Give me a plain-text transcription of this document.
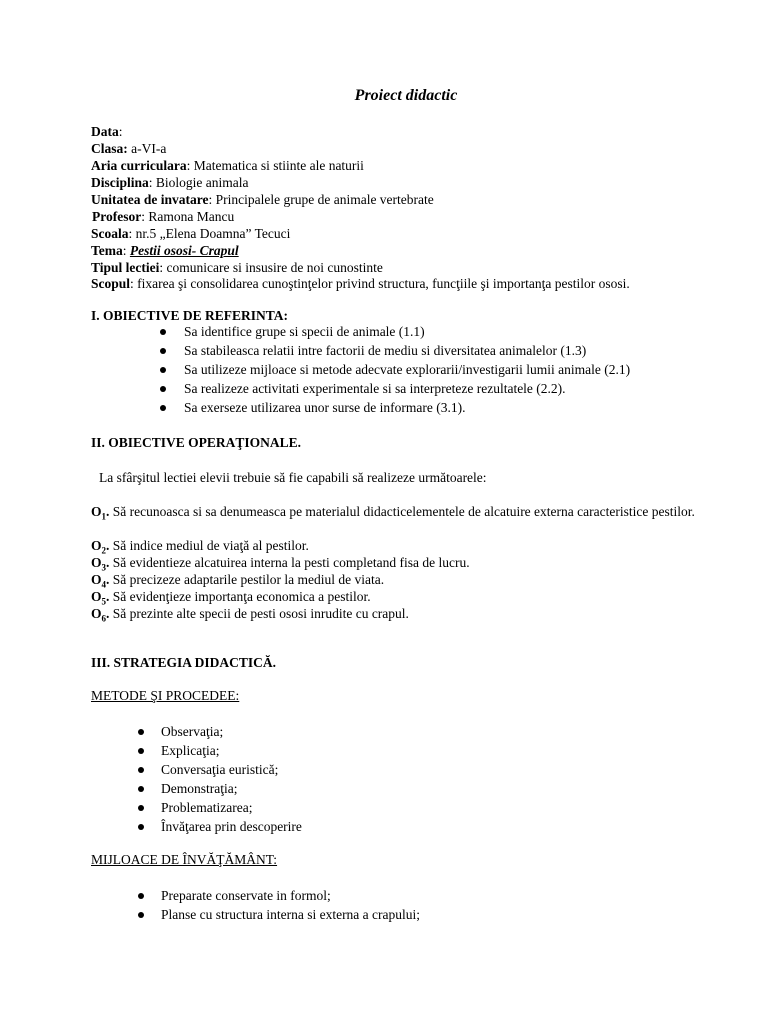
Proiect didactic
Data:
Clasa: a-VI-a
Aria curriculara: Matematica si stiinte ale naturii
Disciplina: Biologie animala
Unitatea de invatare: Principalele grupe de animale vertebrate
Profesor: Ramona Mancu
Scoala: nr.5 „Elena Doamna” Tecuci
Tema: Pestii ososi- Crapul
Tipul lectiei: comunicare si insusire de noi cunostinte
Scopul: fixarea şi consolidarea cunoştinţelor privind structura, funcţiile şi importanţa pestilor ososi.
I. OBIECTIVE DE REFERINTA:
Sa identifice grupe si specii de animale (1.1)
Sa stabileasca relatii intre factorii de mediu si diversitatea animalelor (1.3)
Sa utilizeze mijloace si metode adecvate explorarii/investigarii lumii animale (2.1)
Sa realizeze activitati experimentale si sa interpreteze rezultatele (2.2).
Sa exerseze utilizarea unor surse de informare (3.1).
II. OBIECTIVE OPERAŢIONALE.
La sfârşitul lectiei elevii trebuie să fie capabili să realizeze următoarele:
$O_1$. Să recunoasca si sa denumeasca pe materialul didacticelementele de alcatuire externa caracteristice pestilor.
$O_2$. Să indice mediul de viaţă al pestilor.
$O_3$. Să evidentieze alcatuirea interna la pesti completand fisa de lucru.
$O_4$. Să precizeze adaptarile pestilor la mediul de viata.
$O_5$. Să evidenţieze importanţa economica a pestilor.
$O_6$. Să prezinte alte specii de pesti ososi inrudite cu crapul.
III. STRATEGIA DIDACTICĂ.
METODE ŞI PROCEDEE:
Observaţia;
Explicaţia;
Conversaţia euristică;
Demonstraţia;
Problematizarea;
Învăţarea prin descoperire
MIJLOACE DE ÎNVĂŢĂMÂNT:
Preparate conservate in formol;
Planse cu structura interna si externa a crapului;
